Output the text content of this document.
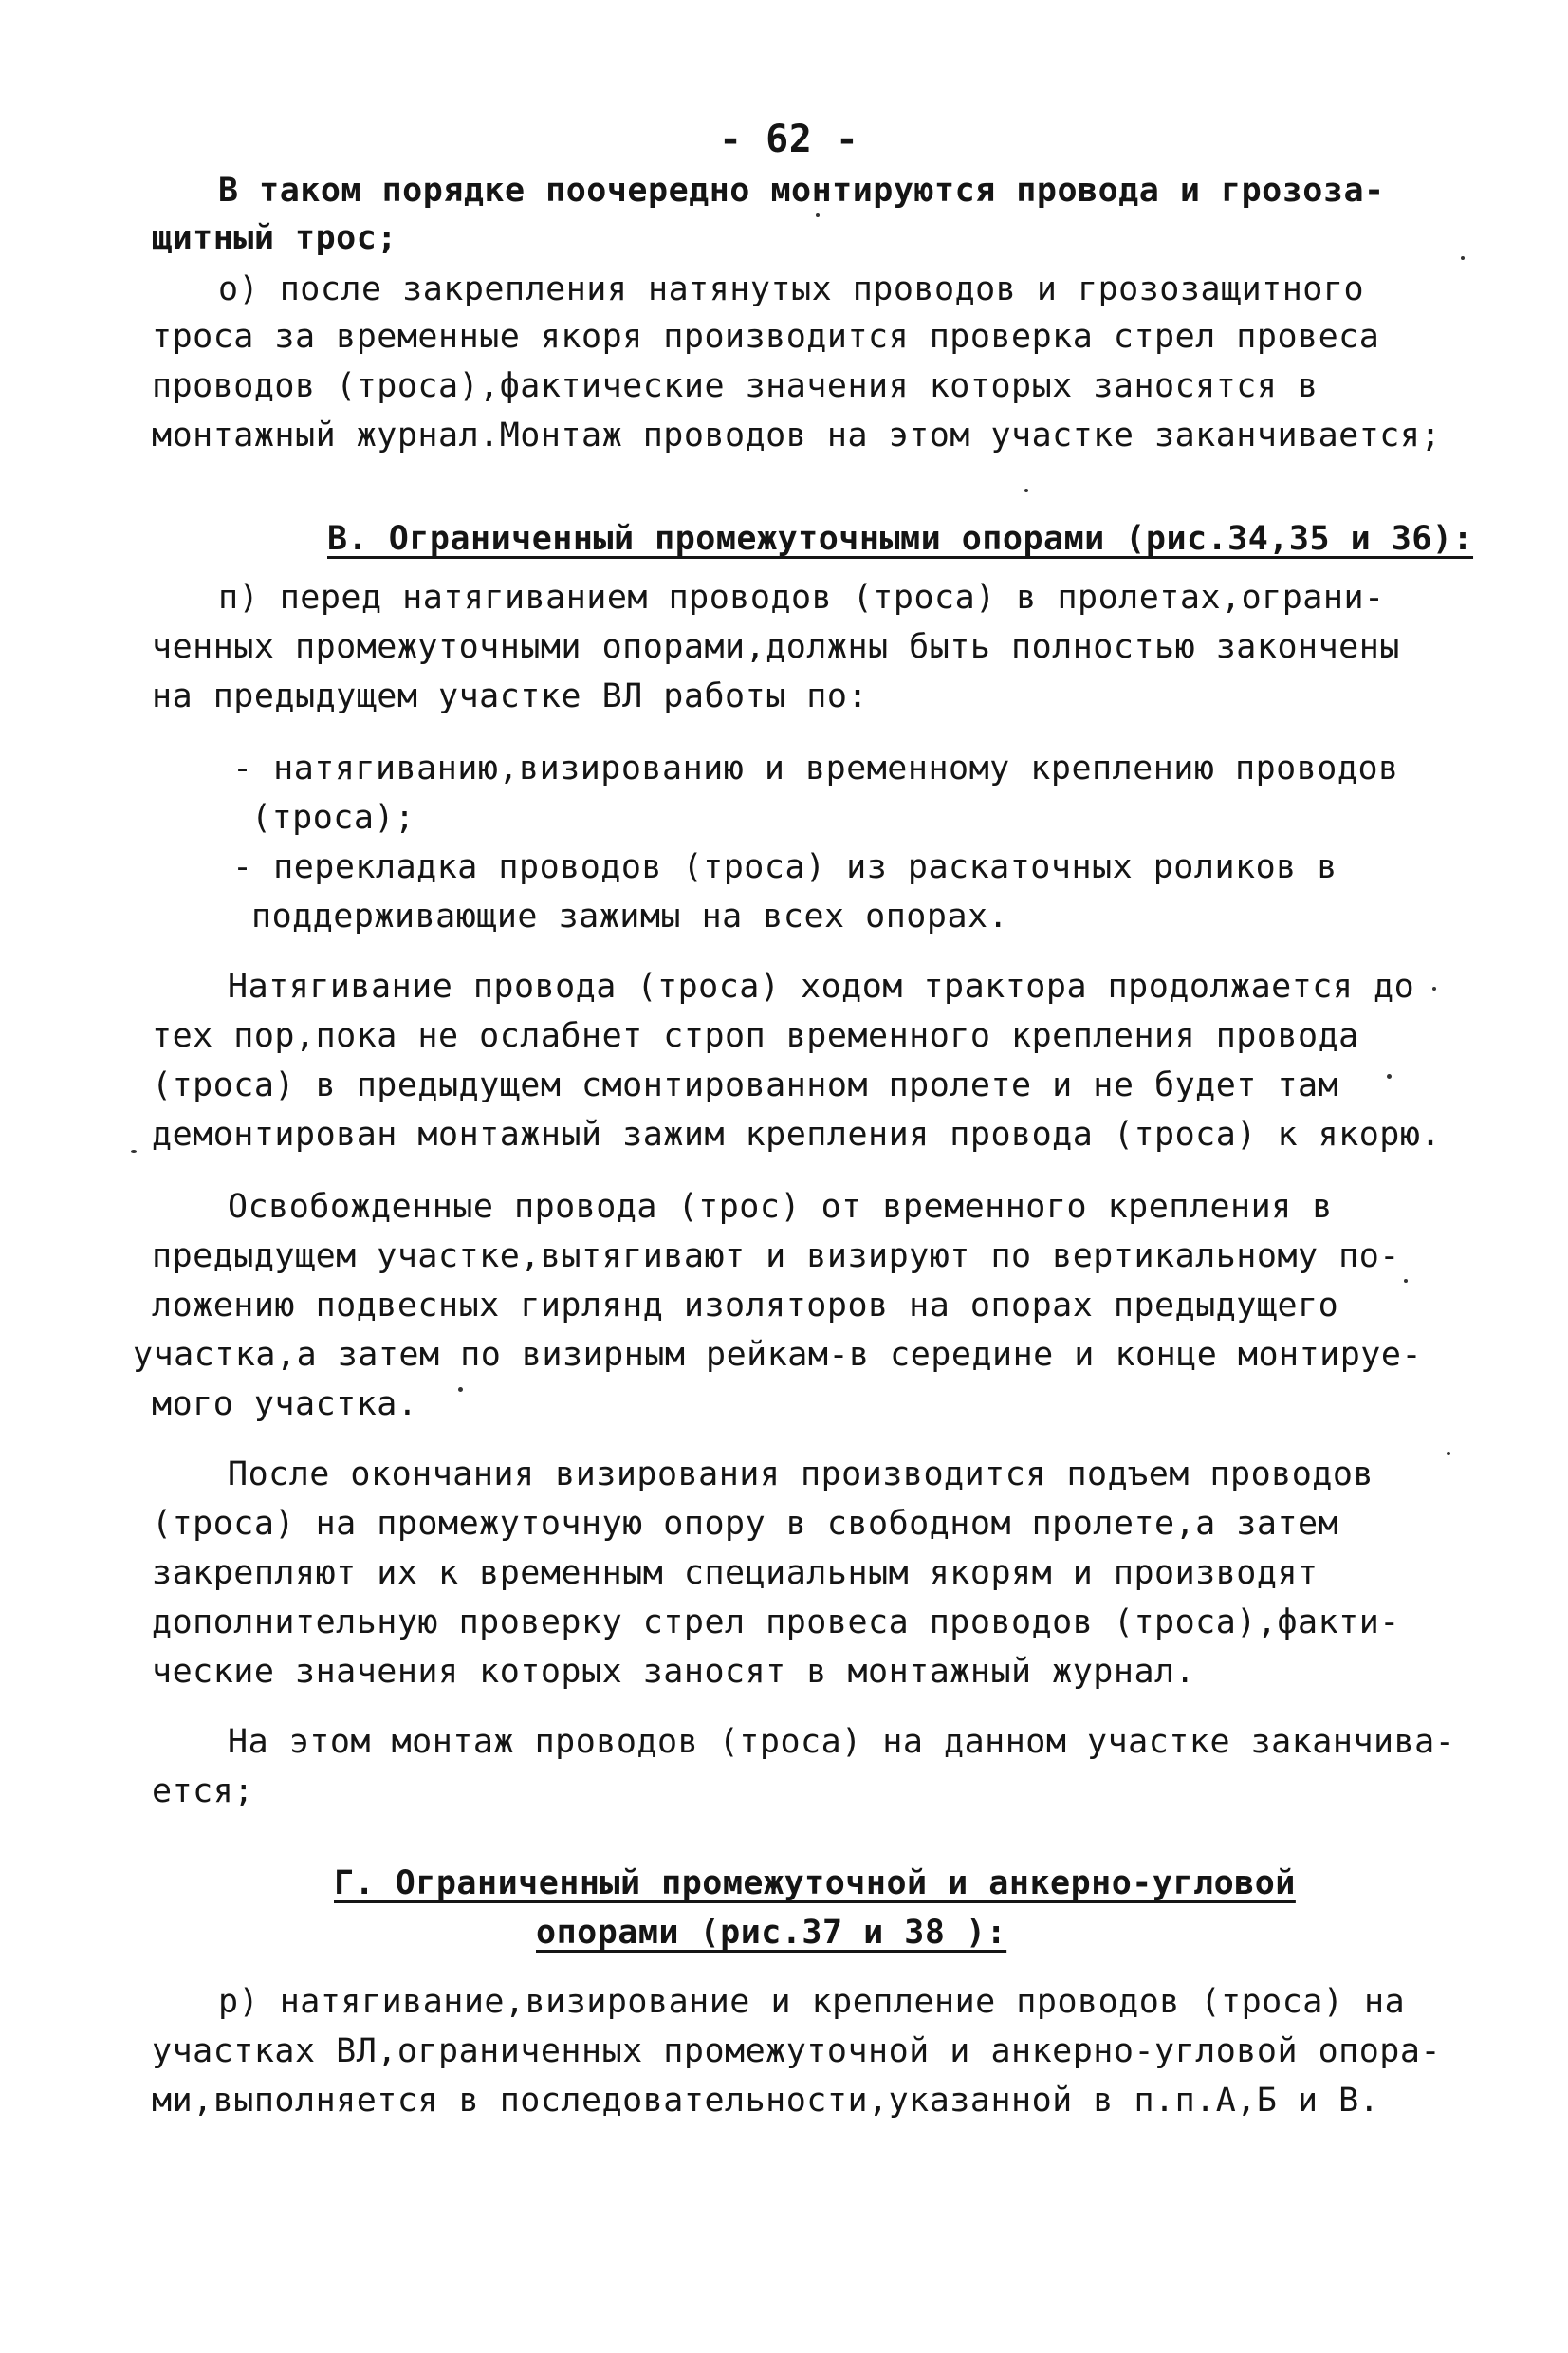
- 62 -
В таком порядке поочередно монтируются провода и грозоза-
щитный трос;
о) после закрепления натянутых проводов и грозозащитного
троса за временные якоря производится проверка стрел провеса
проводов (троса),фактические значения которых заносятся в
монтажный журнал.Монтаж проводов на этом участке заканчивается;
В. Ограниченный промежуточными опорами (рис.34,35 и 36):
п) перед натягиванием проводов (троса) в пролетах,ограни-
ченных промежуточными опорами,должны быть полностью закончены
на предыдущем участке ВЛ работы по:
- натягиванию,визированию и временному креплению проводов
(троса);
- перекладка проводов (троса) из раскаточных роликов в
поддерживающие зажимы на всех опорах.
Натягивание провода (троса) ходом трактора продолжается до
тех пор,пока не ослабнет строп временного крепления провода
(троса) в предыдущем смонтированном пролете и не будет там
демонтирован монтажный зажим крепления провода (троса) к якорю.
Освобожденные провода (трос) от временного крепления в
предыдущем участке,вытягивают и визируют по вертикальному по-
ложению подвесных гирлянд изоляторов на опорах предыдущего
участка,а затем по визирным рейкам-в середине и конце монтируе-
мого участка.
После окончания визирования производится подъем проводов
(троса) на промежуточную опору в свободном пролете,а затем
закрепляют их к временным специальным якорям и производят
дополнительную проверку стрел провеса проводов (троса),факти-
ческие значения которых заносят в монтажный журнал.
На этом монтаж проводов (троса) на данном участке заканчива-
ется;
Г. Ограниченный промежуточной и анкерно-угловой
опорами (рис.37 и 38 ):
р) натягивание,визирование и крепление проводов (троса) на
участках ВЛ,ограниченных промежуточной и анкерно-угловой опора-
ми,выполняется в последовательности,указанной в п.п.А,Б и В.
